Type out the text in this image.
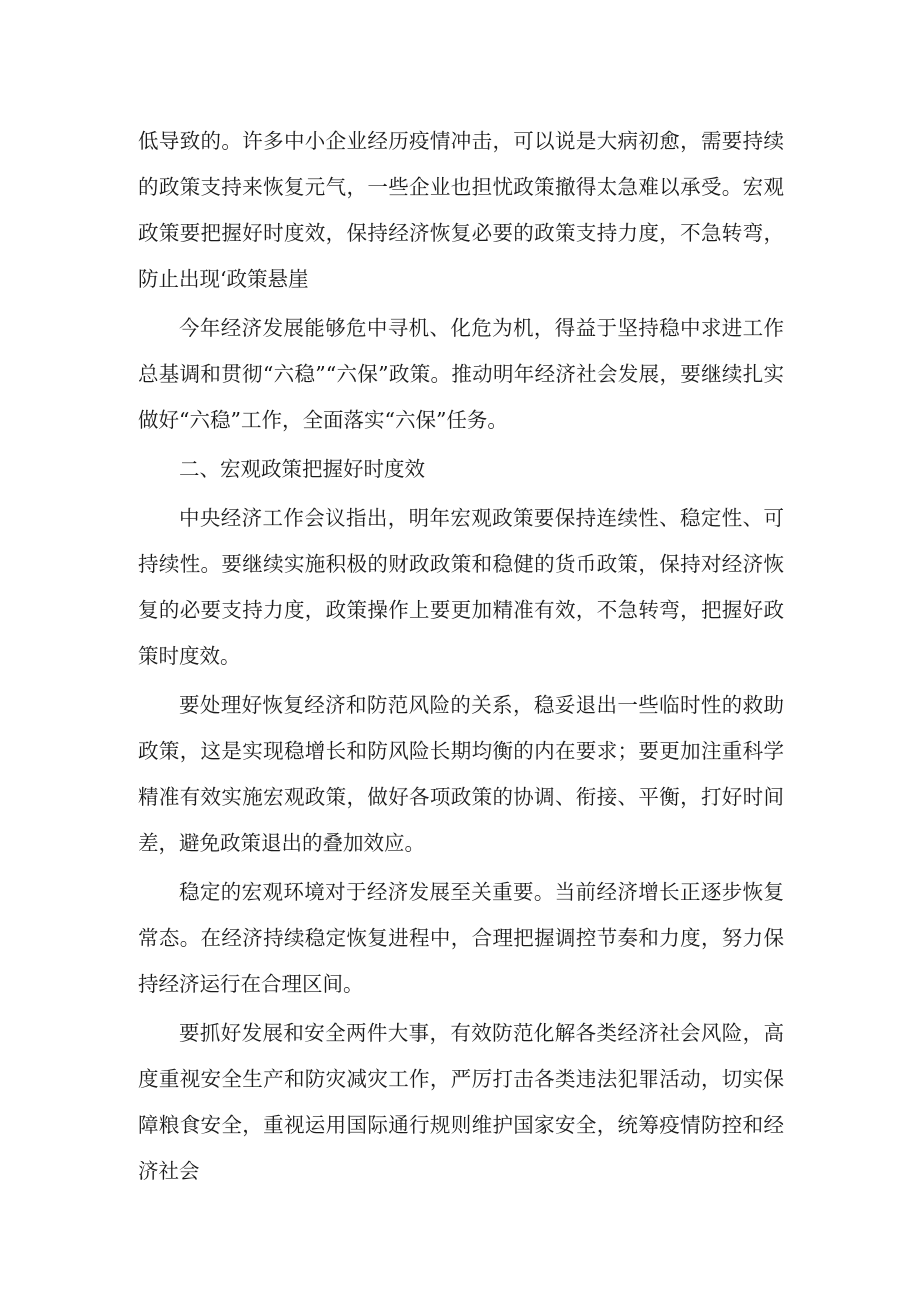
低导致的。许多中小企业经历疫情冲击，可以说是大病初愈，需要持续的政策支持来恢复元气，一些企业也担忧政策撤得太急难以承受。宏观政策要把握好时度效，保持经济恢复必要的政策支持力度，不急转弯，防止出现‘政策悬崖

今年经济发展能够危中寻机、化危为机，得益于坚持稳中求进工作总基调和贯彻“六稳”“六保”政策。推动明年经济社会发展，要继续扎实做好“六稳”工作，全面落实“六保”任务。

二、宏观政策把握好时度效

中央经济工作会议指出，明年宏观政策要保持连续性、稳定性、可持续性。要继续实施积极的财政政策和稳健的货币政策，保持对经济恢复的必要支持力度，政策操作上要更加精准有效，不急转弯，把握好政策时度效。

要处理好恢复经济和防范风险的关系，稳妥退出一些临时性的救助政策，这是实现稳增长和防风险长期均衡的内在要求；要更加注重科学精准有效实施宏观政策，做好各项政策的协调、衔接、平衡，打好时间差，避免政策退出的叠加效应。

稳定的宏观环境对于经济发展至关重要。当前经济增长正逐步恢复常态。在经济持续稳定恢复进程中，合理把握调控节奏和力度，努力保持经济运行在合理区间。

要抓好发展和安全两件大事，有效防范化解各类经济社会风险，高度重视安全生产和防灾减灾工作，严厉打击各类违法犯罪活动，切实保障粮食安全，重视运用国际通行规则维护国家安全，统筹疫情防控和经济社会
